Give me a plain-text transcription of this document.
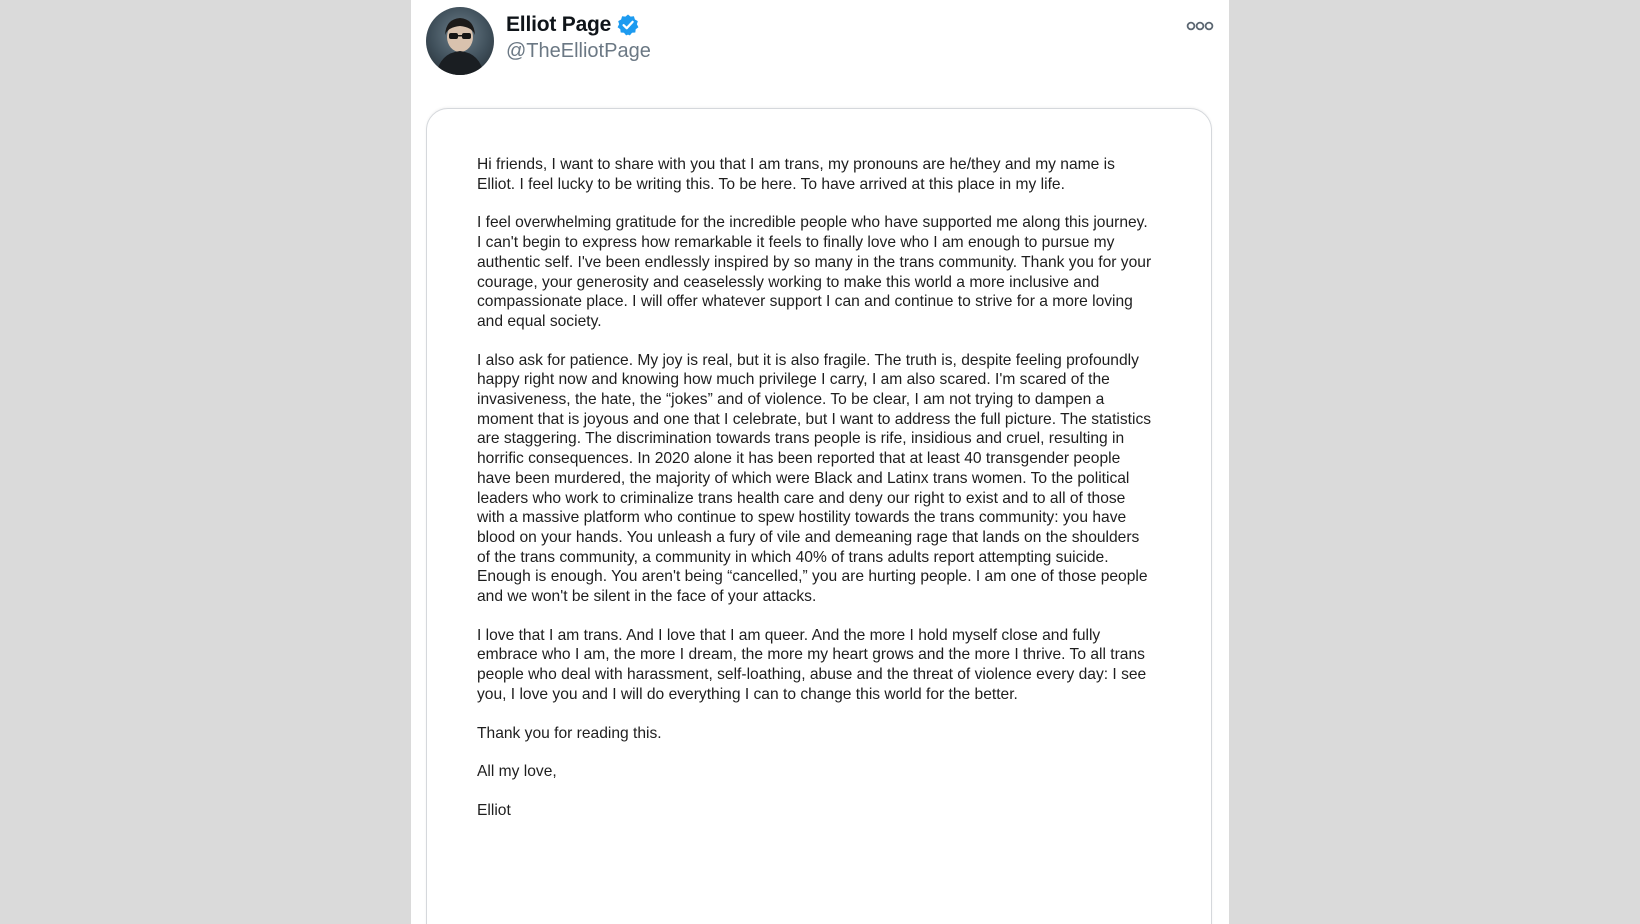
Elliot Page
@TheElliotPage

Hi friends, I want to share with you that I am trans, my pronouns are he/they and my name is Elliot. I feel lucky to be writing this. To be here. To have arrived at this place in my life.

I feel overwhelming gratitude for the incredible people who have supported me along this journey. I can't begin to express how remarkable it feels to finally love who I am enough to pursue my authentic self. I've been endlessly inspired by so many in the trans community. Thank you for your courage, your generosity and ceaselessly working to make this world a more inclusive and compassionate place. I will offer whatever support I can and continue to strive for a more loving and equal society.

I also ask for patience. My joy is real, but it is also fragile. The truth is, despite feeling profoundly happy right now and knowing how much privilege I carry, I am also scared. I'm scared of the invasiveness, the hate, the “jokes” and of violence. To be clear, I am not trying to dampen a moment that is joyous and one that I celebrate, but I want to address the full picture. The statistics are staggering. The discrimination towards trans people is rife, insidious and cruel, resulting in horrific consequences. In 2020 alone it has been reported that at least 40 transgender people have been murdered, the majority of which were Black and Latinx trans women. To the political leaders who work to criminalize trans health care and deny our right to exist and to all of those with a massive platform who continue to spew hostility towards the trans community: you have blood on your hands. You unleash a fury of vile and demeaning rage that lands on the shoulders of the trans community, a community in which 40% of trans adults report attempting suicide. Enough is enough. You aren't being “cancelled,” you are hurting people. I am one of those people and we won't be silent in the face of your attacks.

I love that I am trans. And I love that I am queer. And the more I hold myself close and fully embrace who I am, the more I dream, the more my heart grows and the more I thrive. To all trans people who deal with harassment, self-loathing, abuse and the threat of violence every day: I see you, I love you and I will do everything I can to change this world for the better.

Thank you for reading this.

All my love,

Elliot
